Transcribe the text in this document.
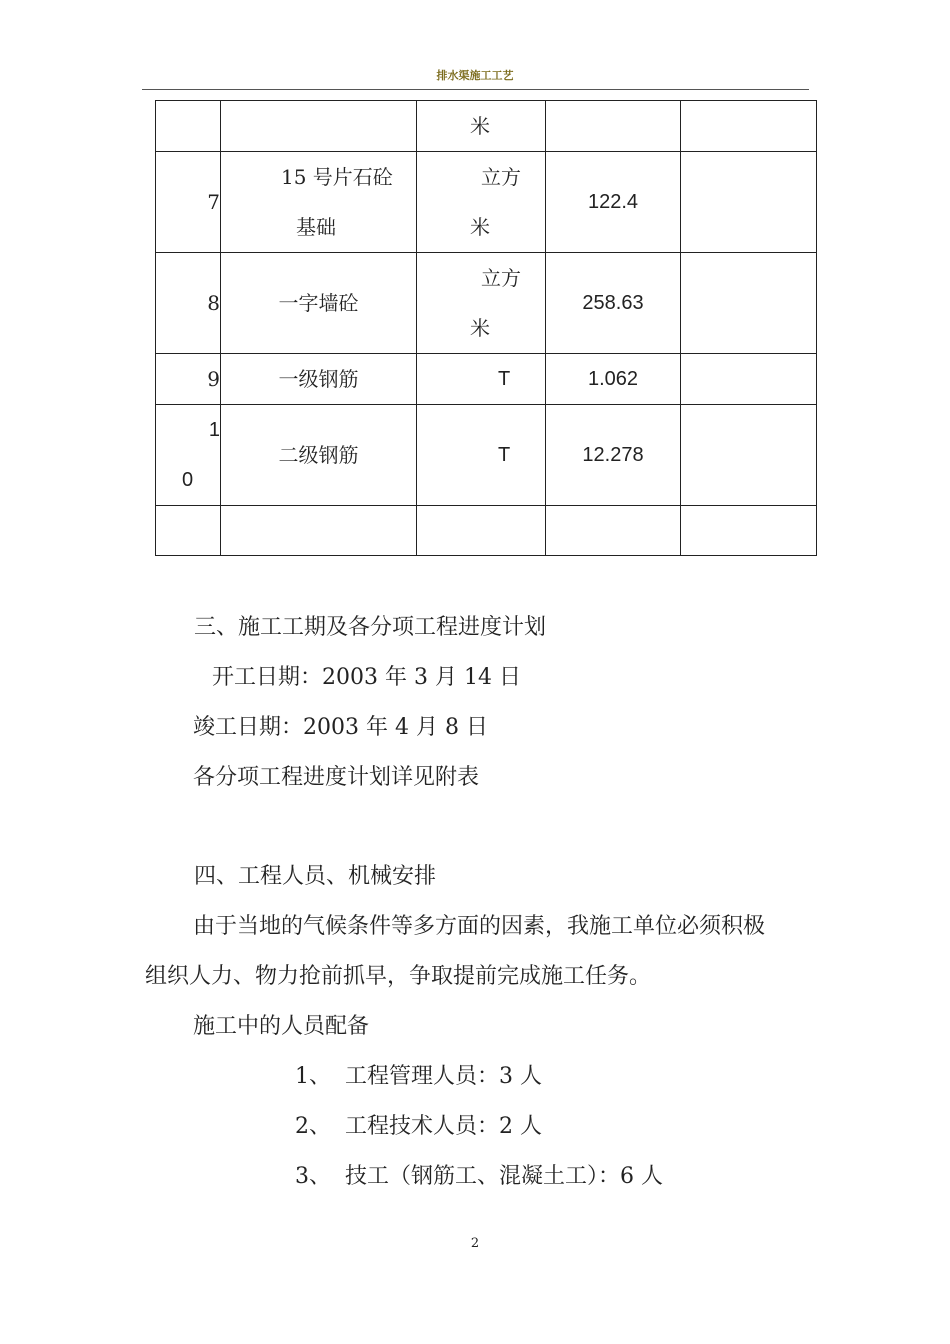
排水渠施工工艺

		米		

7	15 号片石砼
基础	立方
米	122.4	
8	一字墙砼	立方
米	258.63	
9	一级钢筋	T	1.062	

1
0	二级钢筋	T	12.278	

三、施工工期及各分项工程进度计划
开工日期：2003 年 3 月 14 日
竣工日期：2003 年 4 月 8 日
各分项工程进度计划详见附表
四、工程人员、机械安排
由于当地的气候条件等多方面的因素，我施工单位必须积极
组织人力、物力抢前抓早，争取提前完成施工任务。
施工中的人员配备
1、 工程管理人员：3 人
2、 工程技术人员：2 人
3、 技工（钢筋工、混凝土工）：6 人
2
